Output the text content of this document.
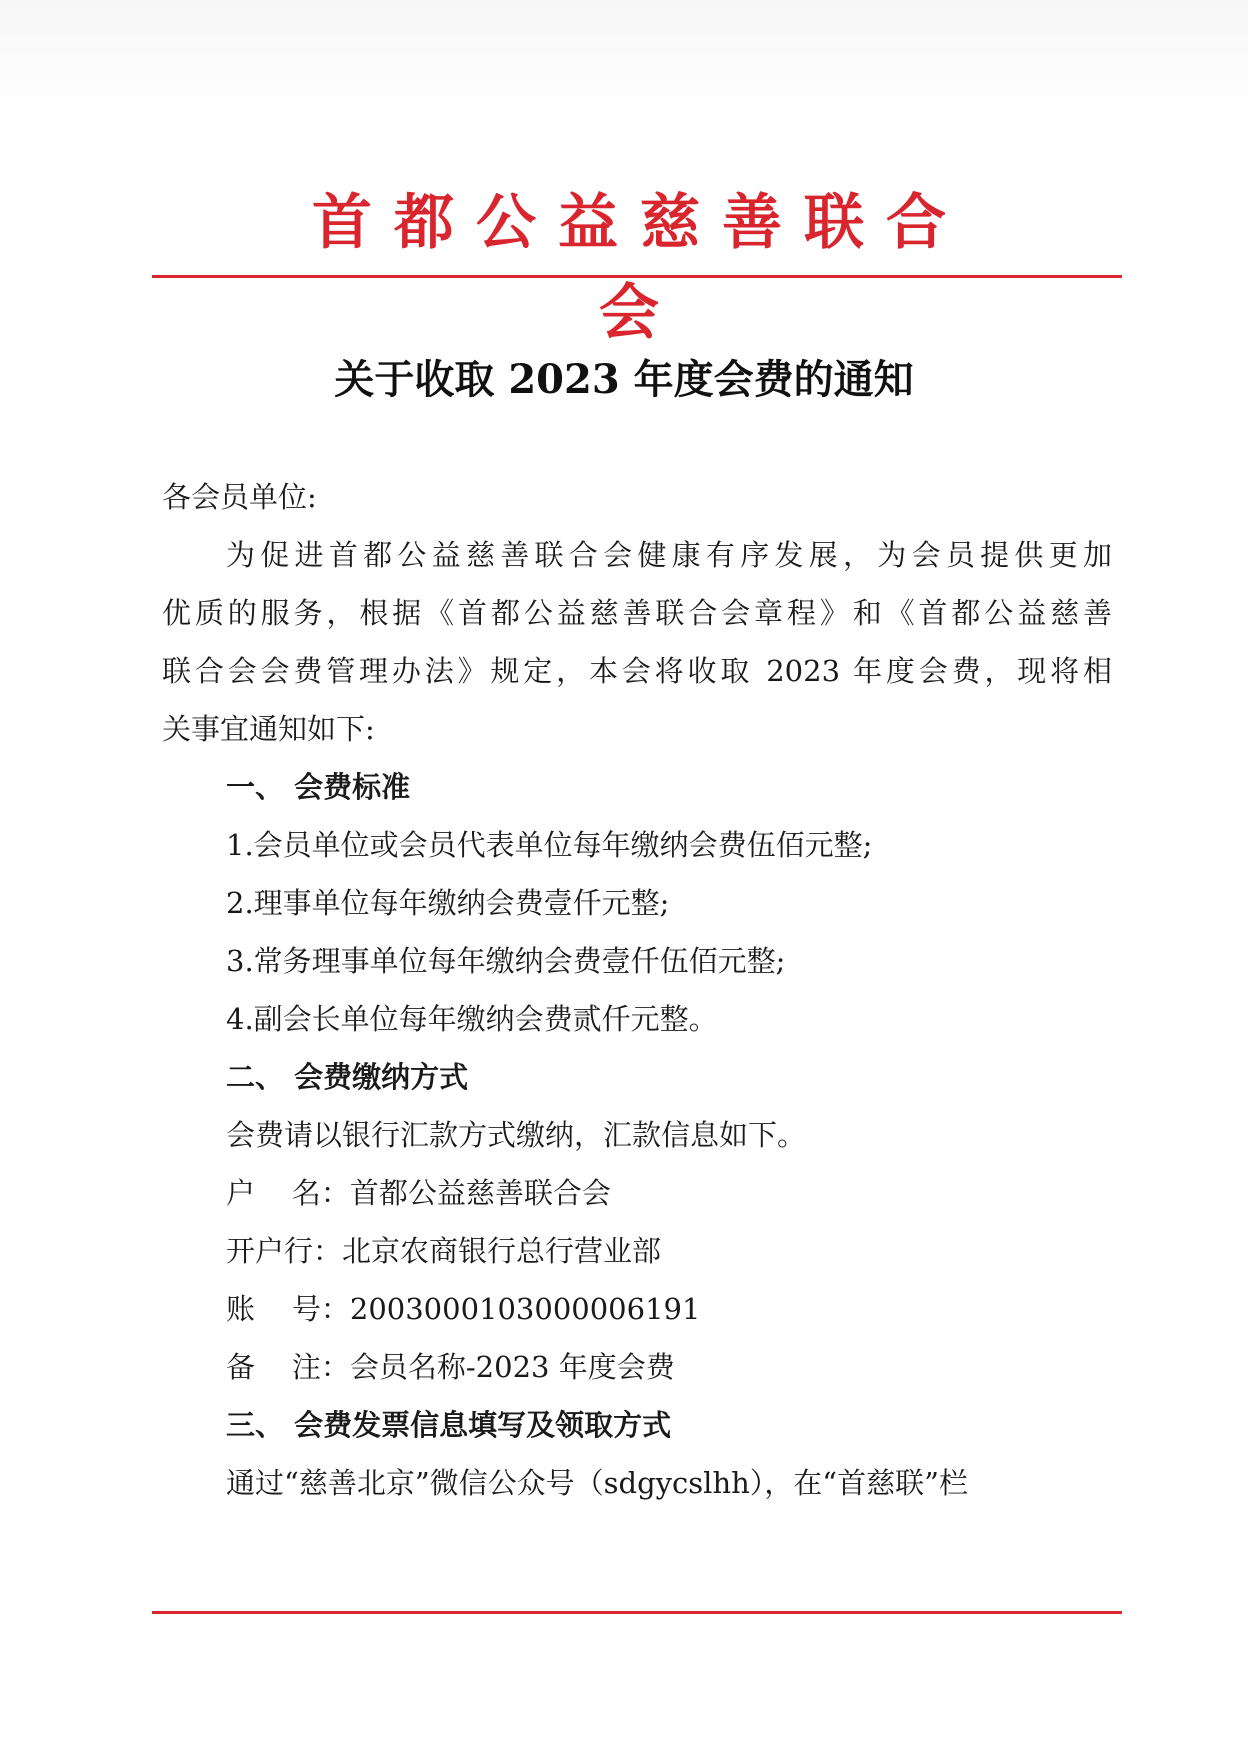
首都公益慈善联合会
关于收取 2023 年度会费的通知
各会员单位:
为促进首都公益慈善联合会健康有序发展，为会员提供更加
优质的服务，根据《首都公益慈善联合会章程》和《首都公益慈善
联合会会费管理办法》规定，本会将收取 2023 年度会费，现将相
关事宜通知如下:
一、 会费标准
1.会员单位或会员代表单位每年缴纳会费伍佰元整;
2.理事单位每年缴纳会费壹仟元整;
3.常务理事单位每年缴纳会费壹仟伍佰元整;
4.副会长单位每年缴纳会费贰仟元整。
二、 会费缴纳方式
会费请以银行汇款方式缴纳，汇款信息如下。
户    名：首都公益慈善联合会
开户行：北京农商银行总行营业部
账    号：2003000103000006191
备    注：会员名称-2023 年度会费
三、 会费发票信息填写及领取方式
通过“慈善北京”微信公众号（sdgycslhh），在“首慈联”栏
